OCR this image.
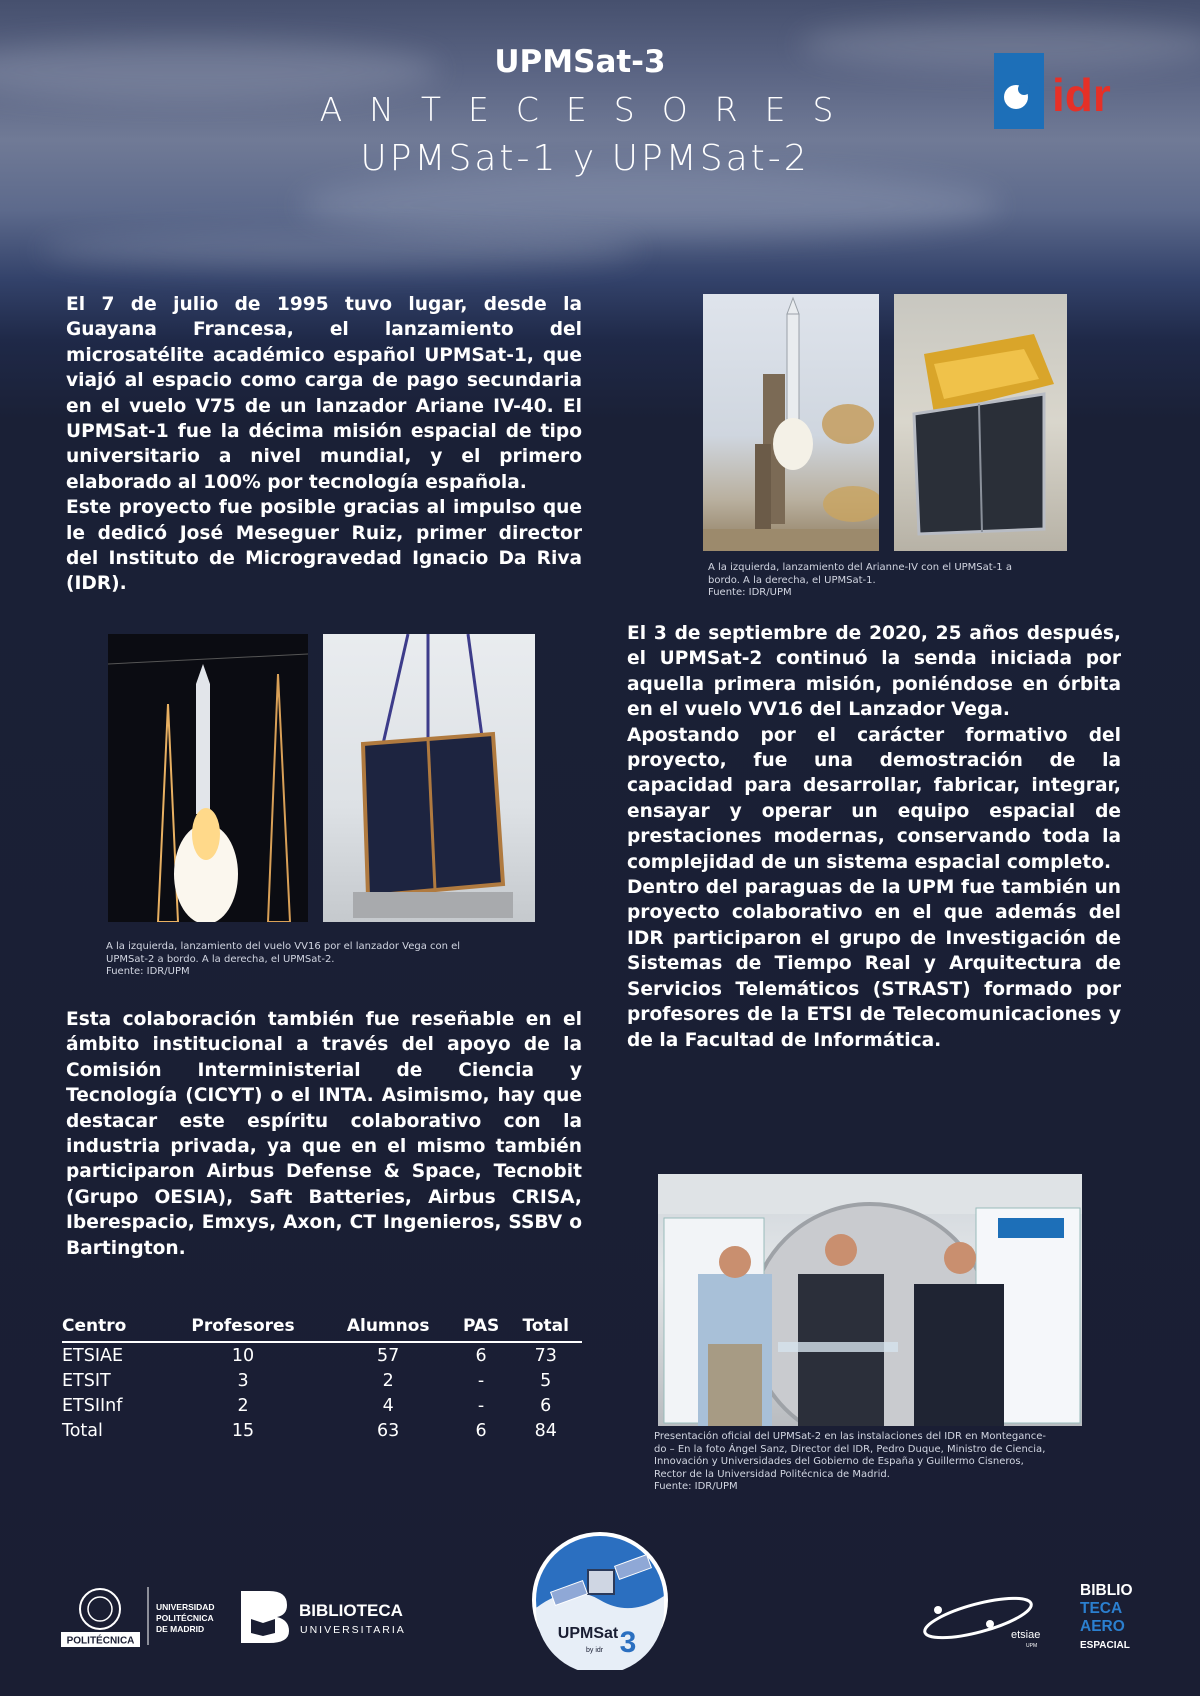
UPMSat-3
ANTECESORES
UPMSat-1 y UPMSat-2
idr

El 7 de julio de 1995 tuvo lugar, desde la Guayana Francesa, el lanzamiento del microsatélite académico español UPMSat-1, que viajó al espacio como carga de pago secundaria en el vuelo V75 de un lanzador Ariane IV-40. El UPMSat-1 fue la décima misión espacial de tipo universitario a nivel mundial, y el primero elaborado al 100% por tecnología española.

Este proyecto fue posible gracias al impulso que le dedicó José Meseguer Ruiz, primer director del Instituto de Microgravedad Ignacio Da Riva (IDR).

A la izquierda, lanzamiento del Arianne-IV con el UPMSat-1 a
bordo. A la derecha, el UPMSat-1.
Fuente: IDR/UPM
A la izquierda, lanzamiento del vuelo VV16 por el lanzador Vega con el
UPMSat-2 a bordo. A la derecha, el UPMSat-2.
Fuente: IDR/UPM

El 3 de septiembre de 2020, 25 años después, el UPMSat-2 continuó la senda iniciada por aquella primera misión, poniéndose en órbita en el vuelo VV16 del Lanzador Vega.

Apostando por el carácter formativo del proyecto, fue una demostración de la capacidad para desarrollar, fabricar, integrar, ensayar y operar un equipo espacial de prestaciones modernas, conservando toda la complejidad de un sistema espacial completo.

Dentro del paraguas de la UPM fue también un proyecto colaborativo en el que además del IDR participaron el grupo de Investigación de Sistemas de Tiempo Real y Arquitectura de Servicios Telemáticos (STRAST) formado por profesores de la ETSI de Telecomunicaciones y de la Facultad de Informática.

Esta colaboración también fue reseñable en el ámbito institucional a través del apoyo de la Comisión Interministerial de Ciencia y Tecnología (CICYT) o el INTA. Asimismo, hay que destacar este espíritu colaborativo con la industria privada, ya que en el mismo también participaron Airbus Defense & Space, Tecnobit (Grupo OESIA), Saft Batteries, Airbus CRISA, Iberespacio, Emxys, Axon, CT Ingenieros, SSBV o Bartington.

Centro	Profesores	Alumnos	PAS	Total
ETSIAE	10	57	6	73
ETSIT	3	2	-	5
ETSIInf	2	4	-	6
Total	15	63	6	84	Presentación oficial del UPMSat-2 en las instalaciones del IDR en Montegance-
do – En la foto Ángel Sanz, Director del IDR, Pedro Duque, Ministro de Ciencia,
Innovación y Universidades del Gobierno de España y Guillermo Cisneros,
Rector de la Universidad Politécnica de Madrid.
Fuente: IDR/UPM
POLITÉCNICA
UNIVERSIDAD
POLITÉCNICA
DE MADRID
BIBLIOTECA
UNIVERSITARIA	UPMSat 3
by idr
etsiae
UPM
BIBLIO
TECA
AERO
ESPACIAL
